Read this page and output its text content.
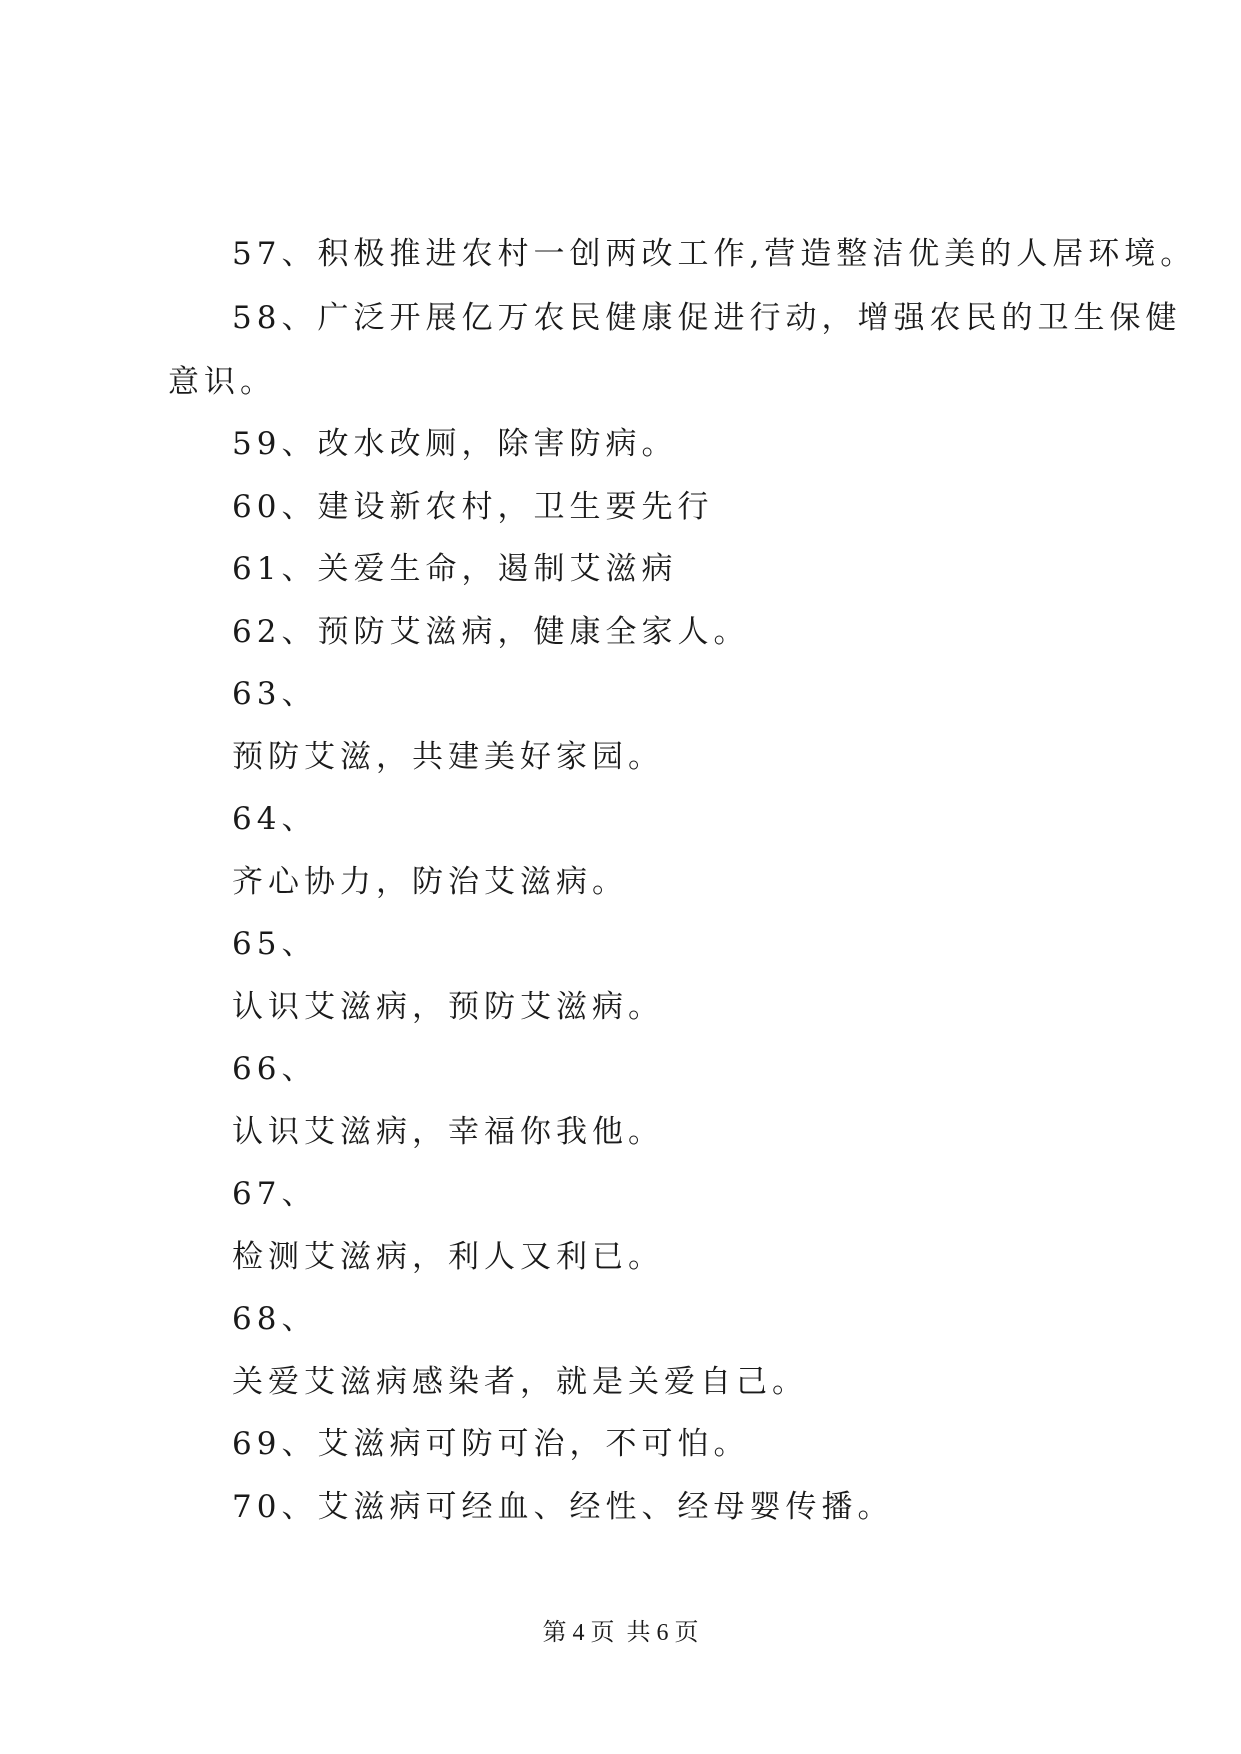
57、积极推进农村一创两改工作,营造整洁优美的人居环境。
58、广泛开展亿万农民健康促进行动，增强农民的卫生保健
意识。
59、改水改厕，除害防病。
60、建设新农村，卫生要先行
61、关爱生命，遏制艾滋病
62、预防艾滋病，健康全家人。
63、
预防艾滋，共建美好家园。
64、
齐心协力，防治艾滋病。
65、
认识艾滋病，预防艾滋病。
66、
认识艾滋病，幸福你我他。
67、
检测艾滋病，利人又利已。
68、
关爱艾滋病感染者，就是关爱自己。
69、艾滋病可防可治，不可怕。
70、艾滋病可经血、经性、经母婴传播。
第 4 页  共 6 页
